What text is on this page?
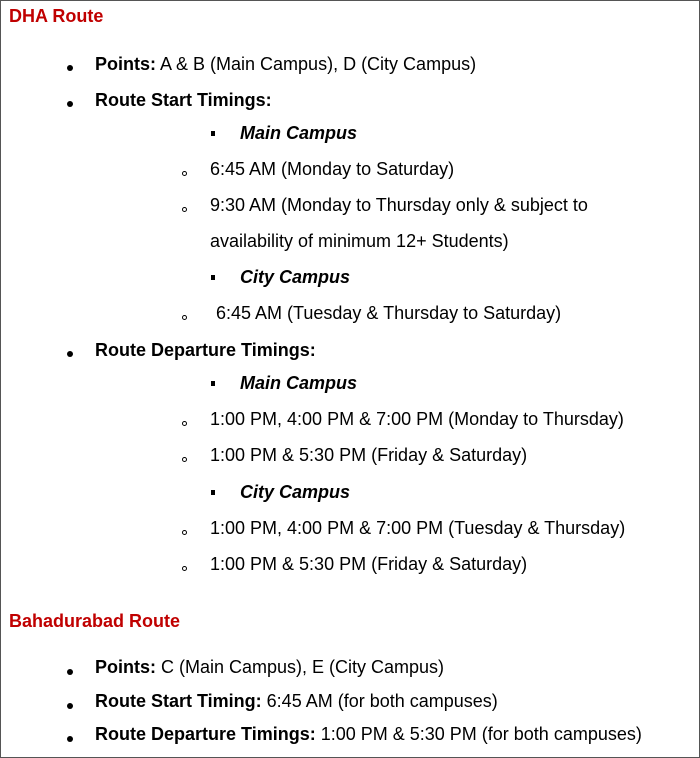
DHA Route
Points: A & B (Main Campus), D (City Campus)
Route Start Timings:
Main Campus
6:45 AM (Monday to Saturday)
9:30 AM (Monday to Thursday only & subject to
availability of minimum 12+ Students)
City Campus
6:45 AM (Tuesday & Thursday to Saturday)
Route Departure Timings:
Main Campus
1:00 PM, 4:00 PM & 7:00 PM (Monday to Thursday)
1:00 PM & 5:30 PM (Friday & Saturday)
City Campus
1:00 PM, 4:00 PM & 7:00 PM (Tuesday & Thursday)
1:00 PM & 5:30 PM (Friday & Saturday)
Bahadurabad Route
Points: C (Main Campus), E (City Campus)
Route Start Timing: 6:45 AM (for both campuses)
Route Departure Timings: 1:00 PM & 5:30 PM (for both campuses)
